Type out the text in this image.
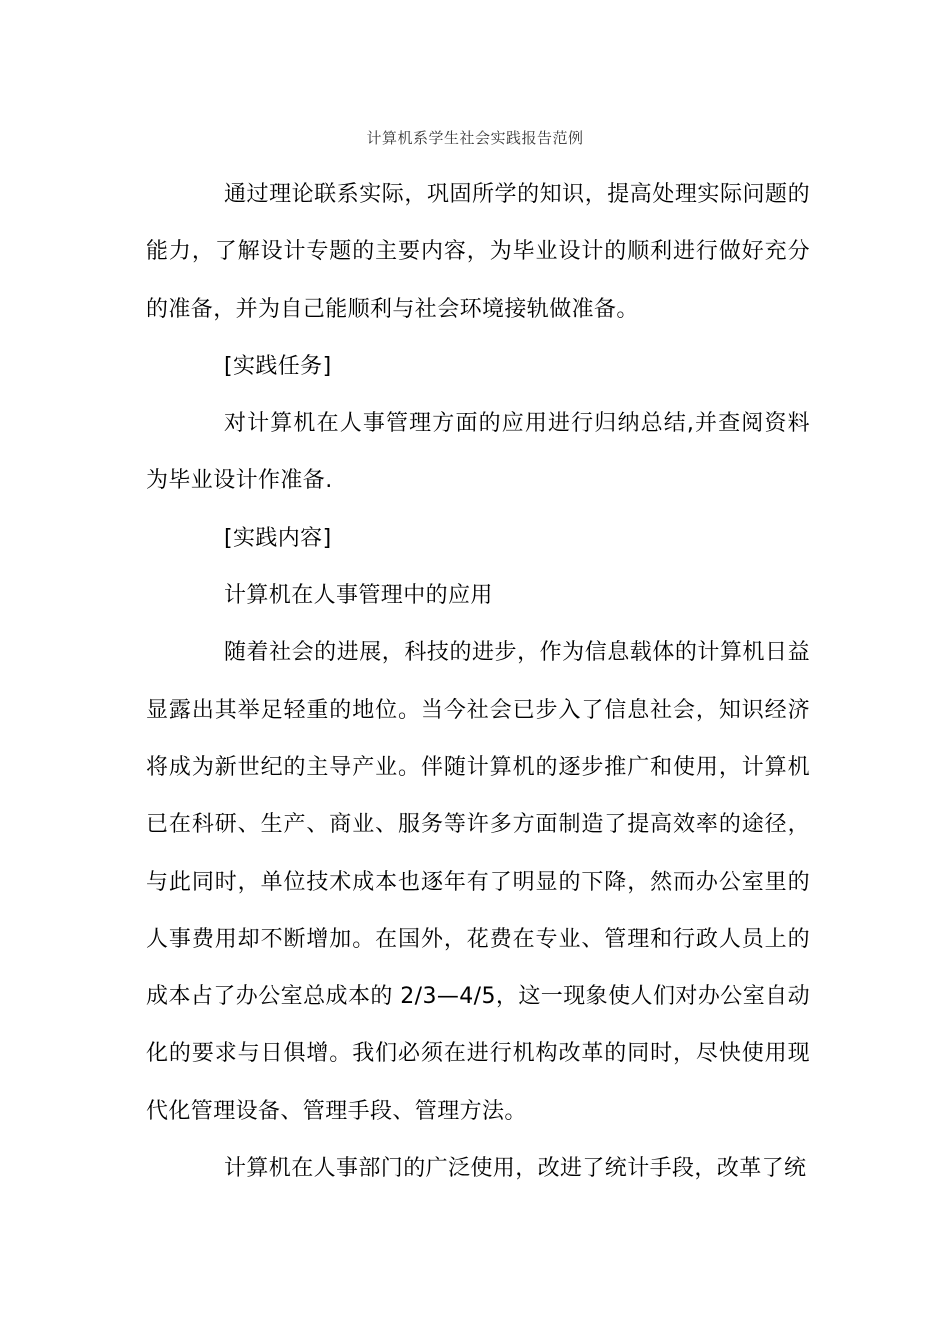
计算机系学生社会实践报告范例

通过理论联系实际，巩固所学的知识，提高处理实际问题的能力，了解设计专题的主要内容，为毕业设计的顺利进行做好充分的准备，并为自己能顺利与社会环境接轨做准备。

[实践任务]

对计算机在人事管理方面的应用进行归纳总结,并查阅资料为毕业设计作准备.

[实践内容]

计算机在人事管理中的应用

随着社会的进展，科技的进步，作为信息载体的计算机日益显露出其举足轻重的地位。当今社会已步入了信息社会，知识经济将成为新世纪的主导产业。伴随计算机的逐步推广和使用，计算机已在科研、生产、商业、服务等许多方面制造了提高效率的途径，与此同时，单位技术成本也逐年有了明显的下降，然而办公室里的人事费用却不断增加。在国外，花费在专业、管理和行政人员上的成本占了办公室总成本的 2/3—4/5，这一现象使人们对办公室自动化的要求与日俱增。我们必须在进行机构改革的同时，尽快使用现代化管理设备、管理手段、管理方法。

计算机在人事部门的广泛使用，改进了统计手段，改革了统
